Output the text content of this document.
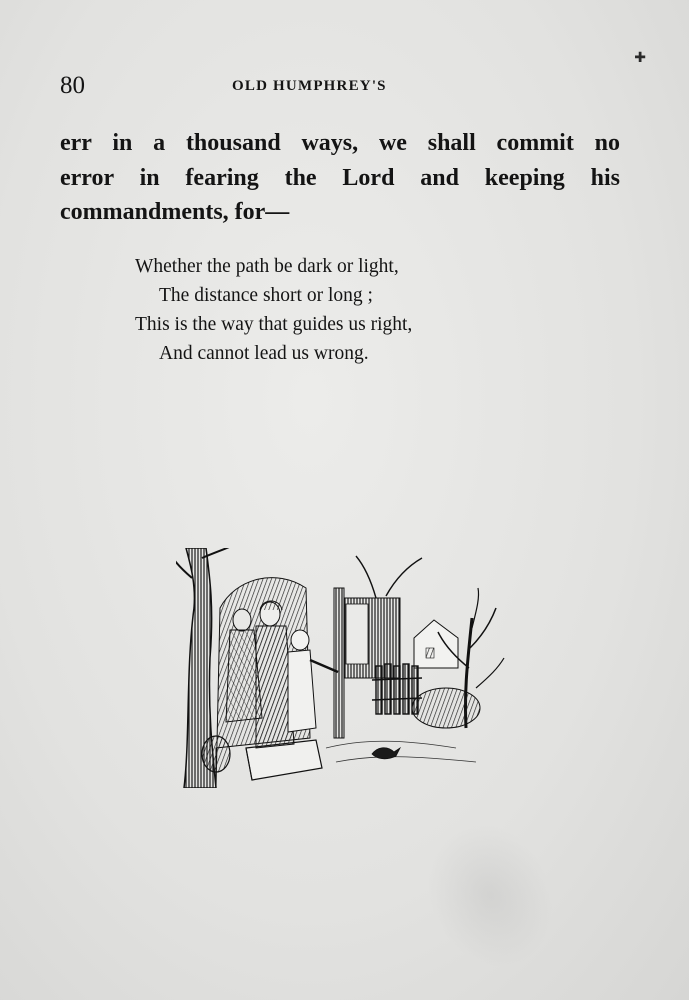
✚
80	OLD HUMPHREY'S

err in a thousand ways, we shall commit no
error in fearing the Lord and keeping his
commandments, for—

Whether the path be dark or light,
The distance short or long ;
This is the way that guides us right,
And cannot lead us wrong.
